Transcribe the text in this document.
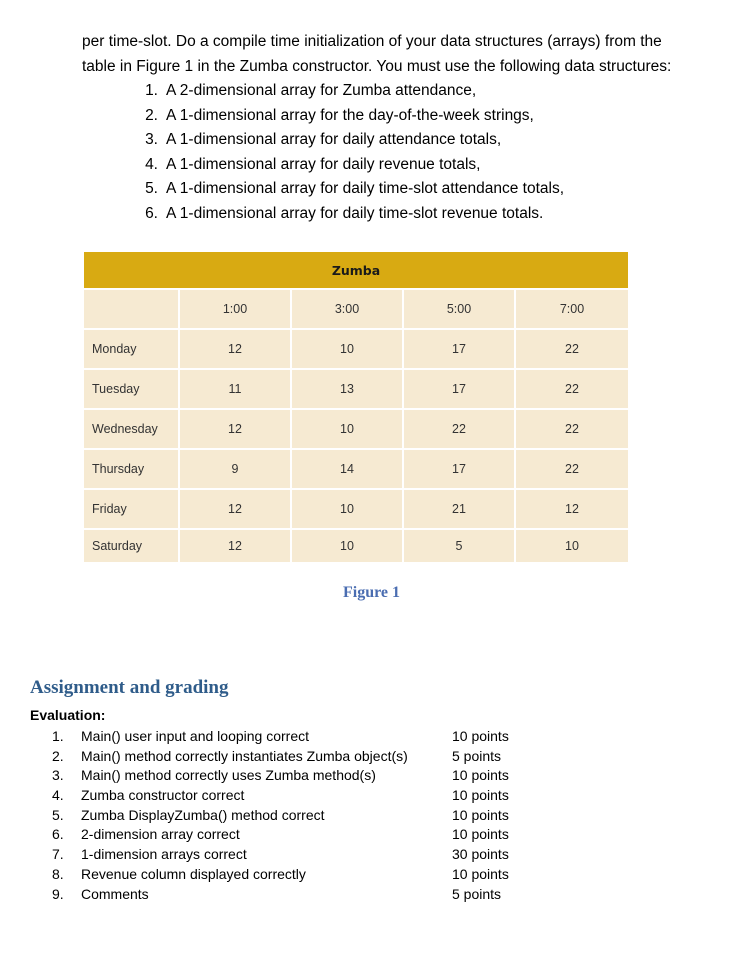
per time-slot. Do a compile time initialization of your data structures (arrays) from the

table in Figure 1 in the Zumba constructor. You must use the following data structures:

1. A 2-dimensional array for Zumba attendance,
2. A 1-dimensional array for the day-of-the-week strings,
3. A 1-dimensional array for daily attendance totals,
4. A 1-dimensional array for daily revenue totals,
5. A 1-dimensional array for daily time-slot attendance totals,
6. A 1-dimensional array for daily time-slot revenue totals.
Zumba
1:00	3:00	5:00	7:00
Monday	12	10	17	22
Tuesday	11	13	17	22
Wednesday	12	10	22	22
Thursday	9	14	17	22
Friday	12	10	21	12
Saturday	12	10	5	10
Figure 1
Assignment and grading
Evaluation:
1. Main() user input and looping correct	10 points
2. Main() method correctly instantiates Zumba object(s)	5 points
3. Main() method correctly uses Zumba method(s)	10 points
4. Zumba constructor correct	10 points
5. Zumba DisplayZumba() method correct	10 points
6. 2-dimension array correct	10 points
7. 1-dimension arrays correct	30 points
8. Revenue column displayed correctly	10 points
9. Comments	5 points
